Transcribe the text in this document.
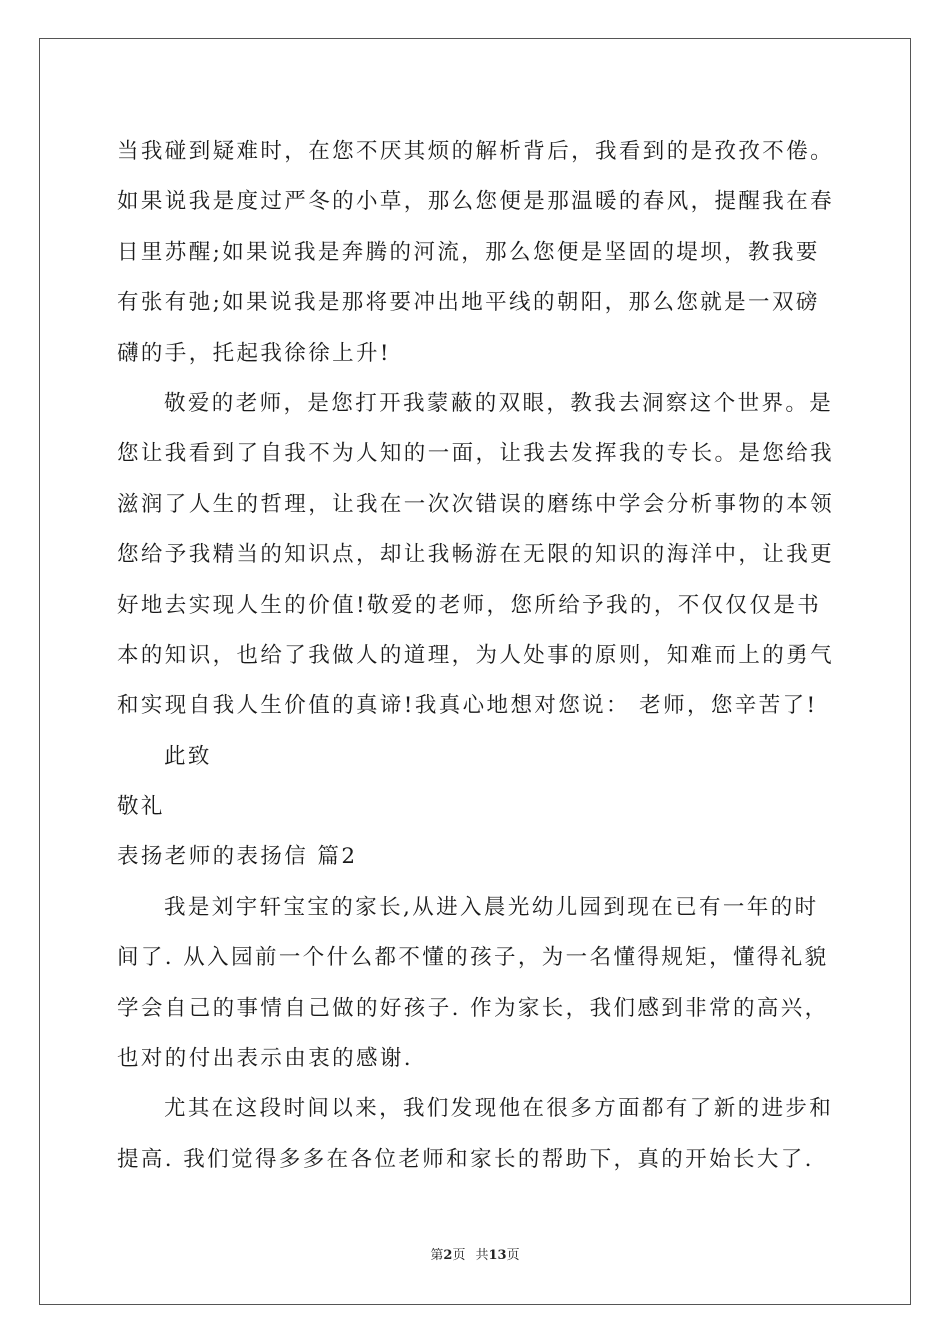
当我碰到疑难时，在您不厌其烦的解析背后，我看到的是孜孜不倦。
如果说我是度过严冬的小草，那么您便是那温暖的春风，提醒我在春
日里苏醒;如果说我是奔腾的河流，那么您便是坚固的堤坝，教我要
有张有弛;如果说我是那将要冲出地平线的朝阳，那么您就是一双磅
礴的手，托起我徐徐上升!
敬爱的老师，是您打开我蒙蔽的双眼，教我去洞察这个世界。是
您让我看到了自我不为人知的一面，让我去发挥我的专长。是您给我
滋润了人生的哲理，让我在一次次错误的磨练中学会分析事物的本领
您给予我精当的知识点，却让我畅游在无限的知识的海洋中，让我更
好地去实现人生的价值!敬爱的老师，您所给予我的，不仅仅仅是书
本的知识，也给了我做人的道理，为人处事的原则，知难而上的勇气
和实现自我人生价值的真谛!我真心地想对您说： 老师，您辛苦了!
此致
敬礼
表扬老师的表扬信 篇2
我是刘宇轩宝宝的家长,从进入晨光幼儿园到现在已有一年的时
间了. 从入园前一个什么都不懂的孩子，为一名懂得规矩，懂得礼貌
学会自己的事情自己做的好孩子. 作为家长，我们感到非常的高兴，
也对的付出表示由衷的感谢.
尤其在这段时间以来，我们发现他在很多方面都有了新的进步和
提高. 我们觉得多多在各位老师和家长的帮助下，真的开始长大了.
第2页 共13页
